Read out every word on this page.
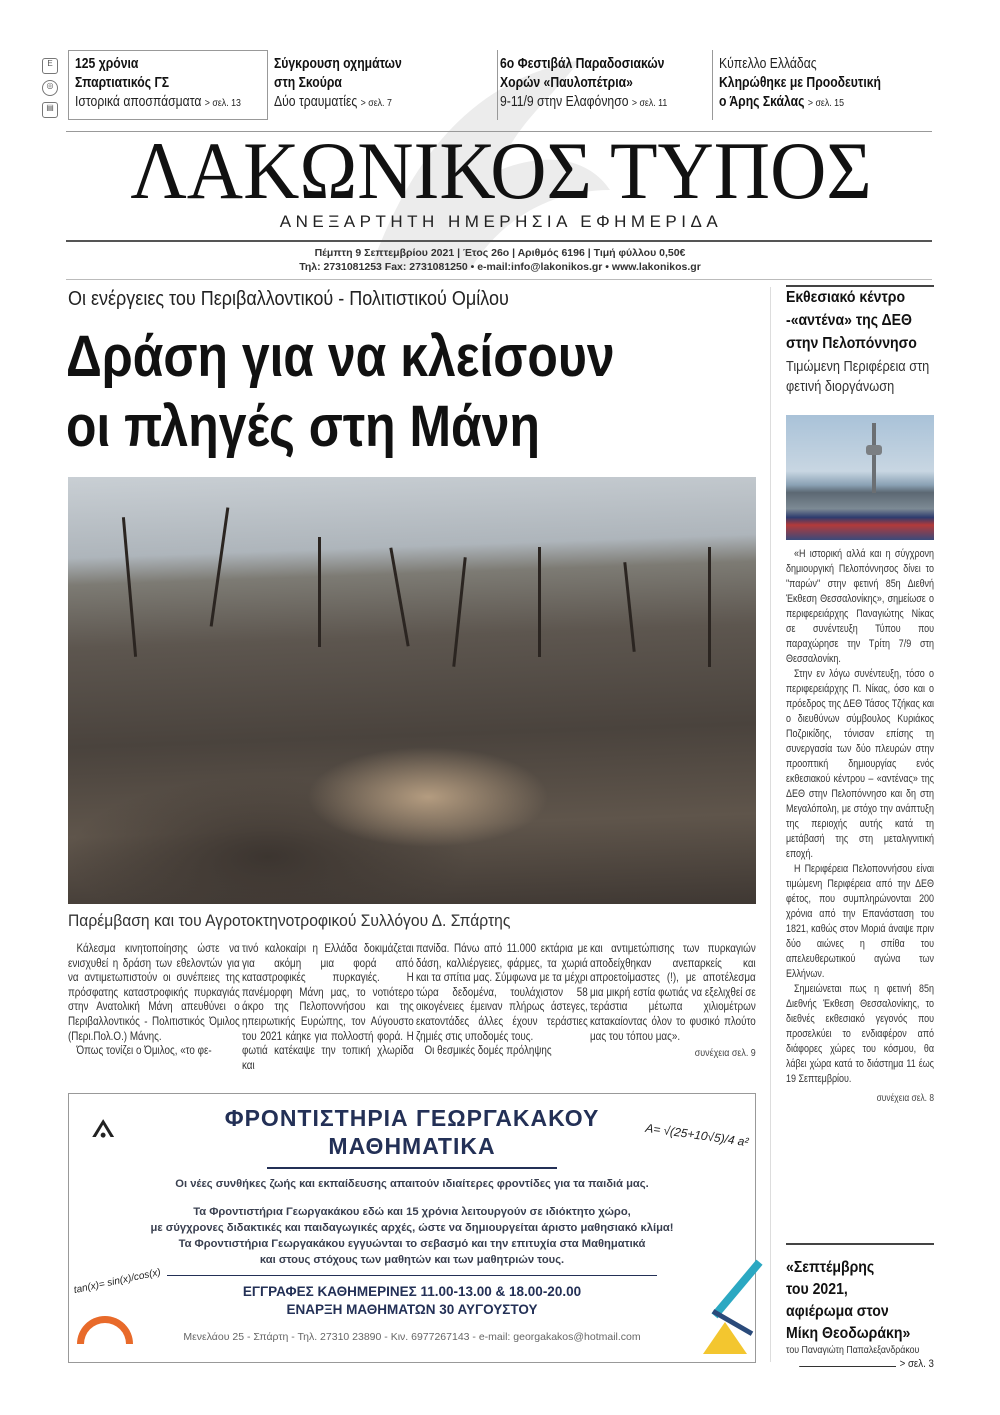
E
◎
▤
125 χρόνια
Σπαρτιατικός ΓΣ
Ιστορικά αποσπάσματα > σελ. 13
Σύγκρουση οχημάτων
στη Σκούρα
Δύο τραυματίες > σελ. 7
6ο Φεστιβάλ Παραδοσιακών
Χορών «Παυλοπέτρια»
9-11/9 στην Ελαφόνησο > σελ. 11
Κύπελλο Ελλάδας
Κληρώθηκε με Προοδευτική
ο Άρης Σκάλας > σελ. 15
ΛΑΚΩΝΙΚΟΣ ΤΥΠΟΣ
ΑΝΕΞΑΡΤΗΤΗ ΗΜΕΡΗΣΙΑ ΕΦΗΜΕΡΙΔΑ
Πέμπτη 9 Σεπτεμβρίου 2021 | Έτος 26ο | Αριθμός 6196 | Τιμή φύλλου 0,50€
Τηλ: 2731081253 Fax: 2731081250 • e-mail:info@lakonikos.gr • www.lakonikos.gr
Οι ενέργειες του Περιβαλλοντικού - Πολιτιστικού Ομίλου
Δράση για να κλείσουν
οι πληγές στη Μάνη
Παρέμβαση και του Αγροτοκτηνοτροφικού Συλλόγου Δ. Σπάρτης

Κάλεσμα κινητοποίησης ώστε να ενισχυθεί η δράση των εθελοντών για να αντιμετωπιστούν οι συνέπειες της πρόσφατης καταστροφικής πυρκαγιάς στην Ανατολική Μάνη απευθύνει ο Περιβαλλοντικός - Πολιτιστικός Όμιλος (Περι.Πολ.Ο.) Μάνης.

Όπως τονίζει ο Όμιλος, «το φε-

τινό καλοκαίρι η Ελλάδα δοκιμάζεται για ακόμη μια φορά από καταστροφικές πυρκαγιές. Η πανέμορφη Μάνη μας, το νοτιότερο άκρο της Πελοποννήσου και της ηπειρωτικής Ευρώπης, τον Αύγουστο του 2021 κάηκε για πολλοστή φορά. Η φωτιά κατέκαψε την τοπική χλωρίδα και
πανίδα. Πάνω από 11.000 εκτάρια με δάση, καλλιέργειες, φάρμες, τα χωριά και τα σπίτια μας. Σύμφωνα με τα μέχρι τώρα δεδομένα, τουλάχιστον 58 οικογένειες έμειναν πλήρως άστεγες, εκατοντάδες άλλες έχουν τεράστιες ζημιές στις υποδομές τους.

Οι θεσμικές δομές πρόληψης

και αντιμετώπισης των πυρκαγιών αποδείχθηκαν ανεπαρκείς και απροετοίμαστες (!), με αποτέλεσμα μια μικρή εστία φωτιάς να εξελιχθεί σε τεράστια μέτωπα χιλιομέτρων κατακαίοντας όλον το φυσικό πλούτο μας του τόπου μας».
συνέχεια σελ. 9
⟑	A= √(25+10√5)/4 a²
tan(x)= sin(x)/cos(x)
ΦΡΟΝΤΙΣΤΗΡΙΑ ΓΕΩΡΓΑΚΑΚΟΥ
ΜΑΘΗΜΑΤΙΚΑ

Οι νέες συνθήκες ζωής και εκπαίδευσης απαιτούν ιδιαίτερες φροντίδες για τα παιδιά μας.

Τα Φροντιστήρια Γεωργακάκου εδώ και 15 χρόνια λειτουργούν σε ιδιόκτητο χώρο,

με σύγχρονες διδακτικές και παιδαγωγικές αρχές, ώστε να δημιουργείται άριστο μαθησιακό κλίμα!

Τα Φροντιστήρια Γεωργακάκου εγγυώνται το σεβασμό και την επιτυχία στα Μαθηματικά

και στους στόχους των μαθητών και των μαθητριών τους.

ΕΓΓΡΑΦΕΣ ΚΑΘΗΜΕΡΙΝΕΣ 11.00-13.00 & 18.00-20.00
ΕΝΑΡΞΗ ΜΑΘΗΜΑΤΩΝ 30 ΑΥΓΟΥΣΤΟΥ
Μενελάου 25 - Σπάρτη - Τηλ. 27310 23890 - Κιν. 6977267143 - e-mail: georgakakos@hotmail.com
Εκθεσιακό κέντρο
-«αντένα» της ΔΕΘ
στην Πελοπόννησο
Τιμώμενη Περιφέρεια στη φετινή διοργάνωση

«Η ιστορική αλλά και η σύγχρονη δημιουργική Πελοπόννησος δίνει το "παρών" στην φετινή 85η Διεθνή Έκθεση Θεσσαλονίκης», σημείωσε ο περιφερειάρχης Παναγιώτης Νίκας σε συνέντευξη Τύπου που παραχώρησε την Τρίτη 7/9 στη Θεσσαλονίκη.

Στην εν λόγω συνέντευξη, τόσο ο περιφερειάρχης Π. Νίκας, όσο και ο πρόεδρος της ΔΕΘ Τάσος Τζήκας και ο διευθύνων σύμβουλος Κυριάκος Ποζρικίδης, τόνισαν επίσης τη συνεργασία των δύο πλευρών στην προοπτική δημιουργίας ενός εκθεσιακού κέντρου – «αντένας» της ΔΕΘ στην Πελοπόννησο και δη στη Μεγαλόπολη, με στόχο την ανάπτυξη της περιοχής αυτής κατά τη μετάβασή της στη μεταλιγνιτική εποχή.

Η Περιφέρεια Πελοποννήσου είναι τιμώμενη Περιφέρεια από την ΔΕΘ φέτος, που συμπληρώνονται 200 χρόνια από την Επανάσταση του 1821, καθώς στον Μοριά άναψε πριν δύο αιώνες η σπίθα του απελευθερωτικού αγώνα των Ελλήνων.

Σημειώνεται πως η φετινή 85η Διεθνής Έκθεση Θεσσαλονίκης, το διεθνές εκθεσιακό γεγονός που προσελκύει το ενδιαφέρον από διάφορες χώρες του κόσμου, θα λάβει χώρα κατά το διάστημα 11 έως 19 Σεπτεμβρίου.

συνέχεια σελ. 8
«Σεπτέμβρης
του 2021,
αφιέρωμα στον
Μίκη Θεοδωράκη»
του Παναγιώτη Παπαλεξανδράκου
> σελ. 3
